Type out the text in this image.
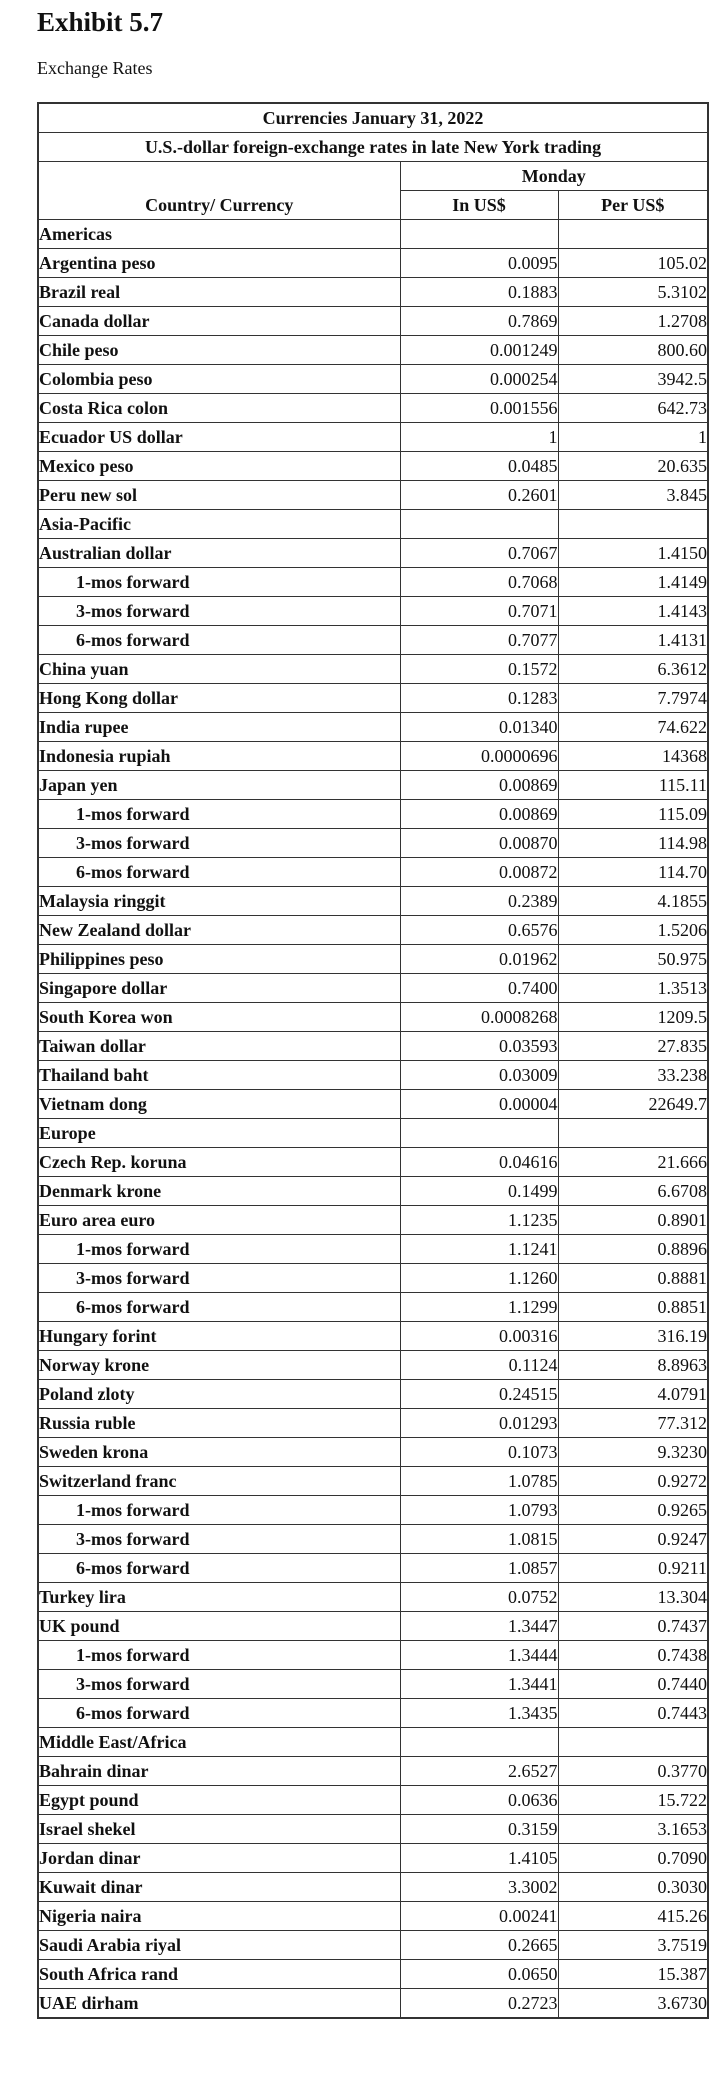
Exhibit 5.7

Exchange Rates

Currencies January 31, 2022		
U.S.-dollar foreign-exchange rates in late New York trading		
Country/ Currency	Monday	
	In US$	Per US$
Americas		
Argentina peso	0.0095	105.02
Brazil real	0.1883	5.3102
Canada dollar	0.7869	1.2708
Chile peso	0.001249	800.60
Colombia peso	0.000254	3942.5
Costa Rica colon	0.001556	642.73
Ecuador US dollar	1	1
Mexico peso	0.0485	20.635
Peru new sol	0.2601	3.845
Asia-Pacific		
Australian dollar	0.7067	1.4150
1-mos forward	0.7068	1.4149
3-mos forward	0.7071	1.4143
6-mos forward	0.7077	1.4131
China yuan	0.1572	6.3612
Hong Kong dollar	0.1283	7.7974
India rupee	0.01340	74.622
Indonesia rupiah	0.0000696	14368
Japan yen	0.00869	115.11
1-mos forward	0.00869	115.09
3-mos forward	0.00870	114.98
6-mos forward	0.00872	114.70
Malaysia ringgit	0.2389	4.1855
New Zealand dollar	0.6576	1.5206
Philippines peso	0.01962	50.975
Singapore dollar	0.7400	1.3513
South Korea won	0.0008268	1209.5
Taiwan dollar	0.03593	27.835
Thailand baht	0.03009	33.238
Vietnam dong	0.00004	22649.7
Europe		
Czech Rep. koruna	0.04616	21.666
Denmark krone	0.1499	6.6708
Euro area euro	1.1235	0.8901
1-mos forward	1.1241	0.8896
3-mos forward	1.1260	0.8881
6-mos forward	1.1299	0.8851
Hungary forint	0.00316	316.19
Norway krone	0.1124	8.8963
Poland zloty	0.24515	4.0791
Russia ruble	0.01293	77.312
Sweden krona	0.1073	9.3230
Switzerland franc	1.0785	0.9272
1-mos forward	1.0793	0.9265
3-mos forward	1.0815	0.9247
6-mos forward	1.0857	0.9211
Turkey lira	0.0752	13.304
UK pound	1.3447	0.7437
1-mos forward	1.3444	0.7438
3-mos forward	1.3441	0.7440
6-mos forward	1.3435	0.7443
Middle East/Africa		
Bahrain dinar	2.6527	0.3770
Egypt pound	0.0636	15.722
Israel shekel	0.3159	3.1653
Jordan dinar	1.4105	0.7090
Kuwait dinar	3.3002	0.3030
Nigeria naira	0.00241	415.26
Saudi Arabia riyal	0.2665	3.7519
South Africa rand	0.0650	15.387
UAE dirham	0.2723	3.6730
